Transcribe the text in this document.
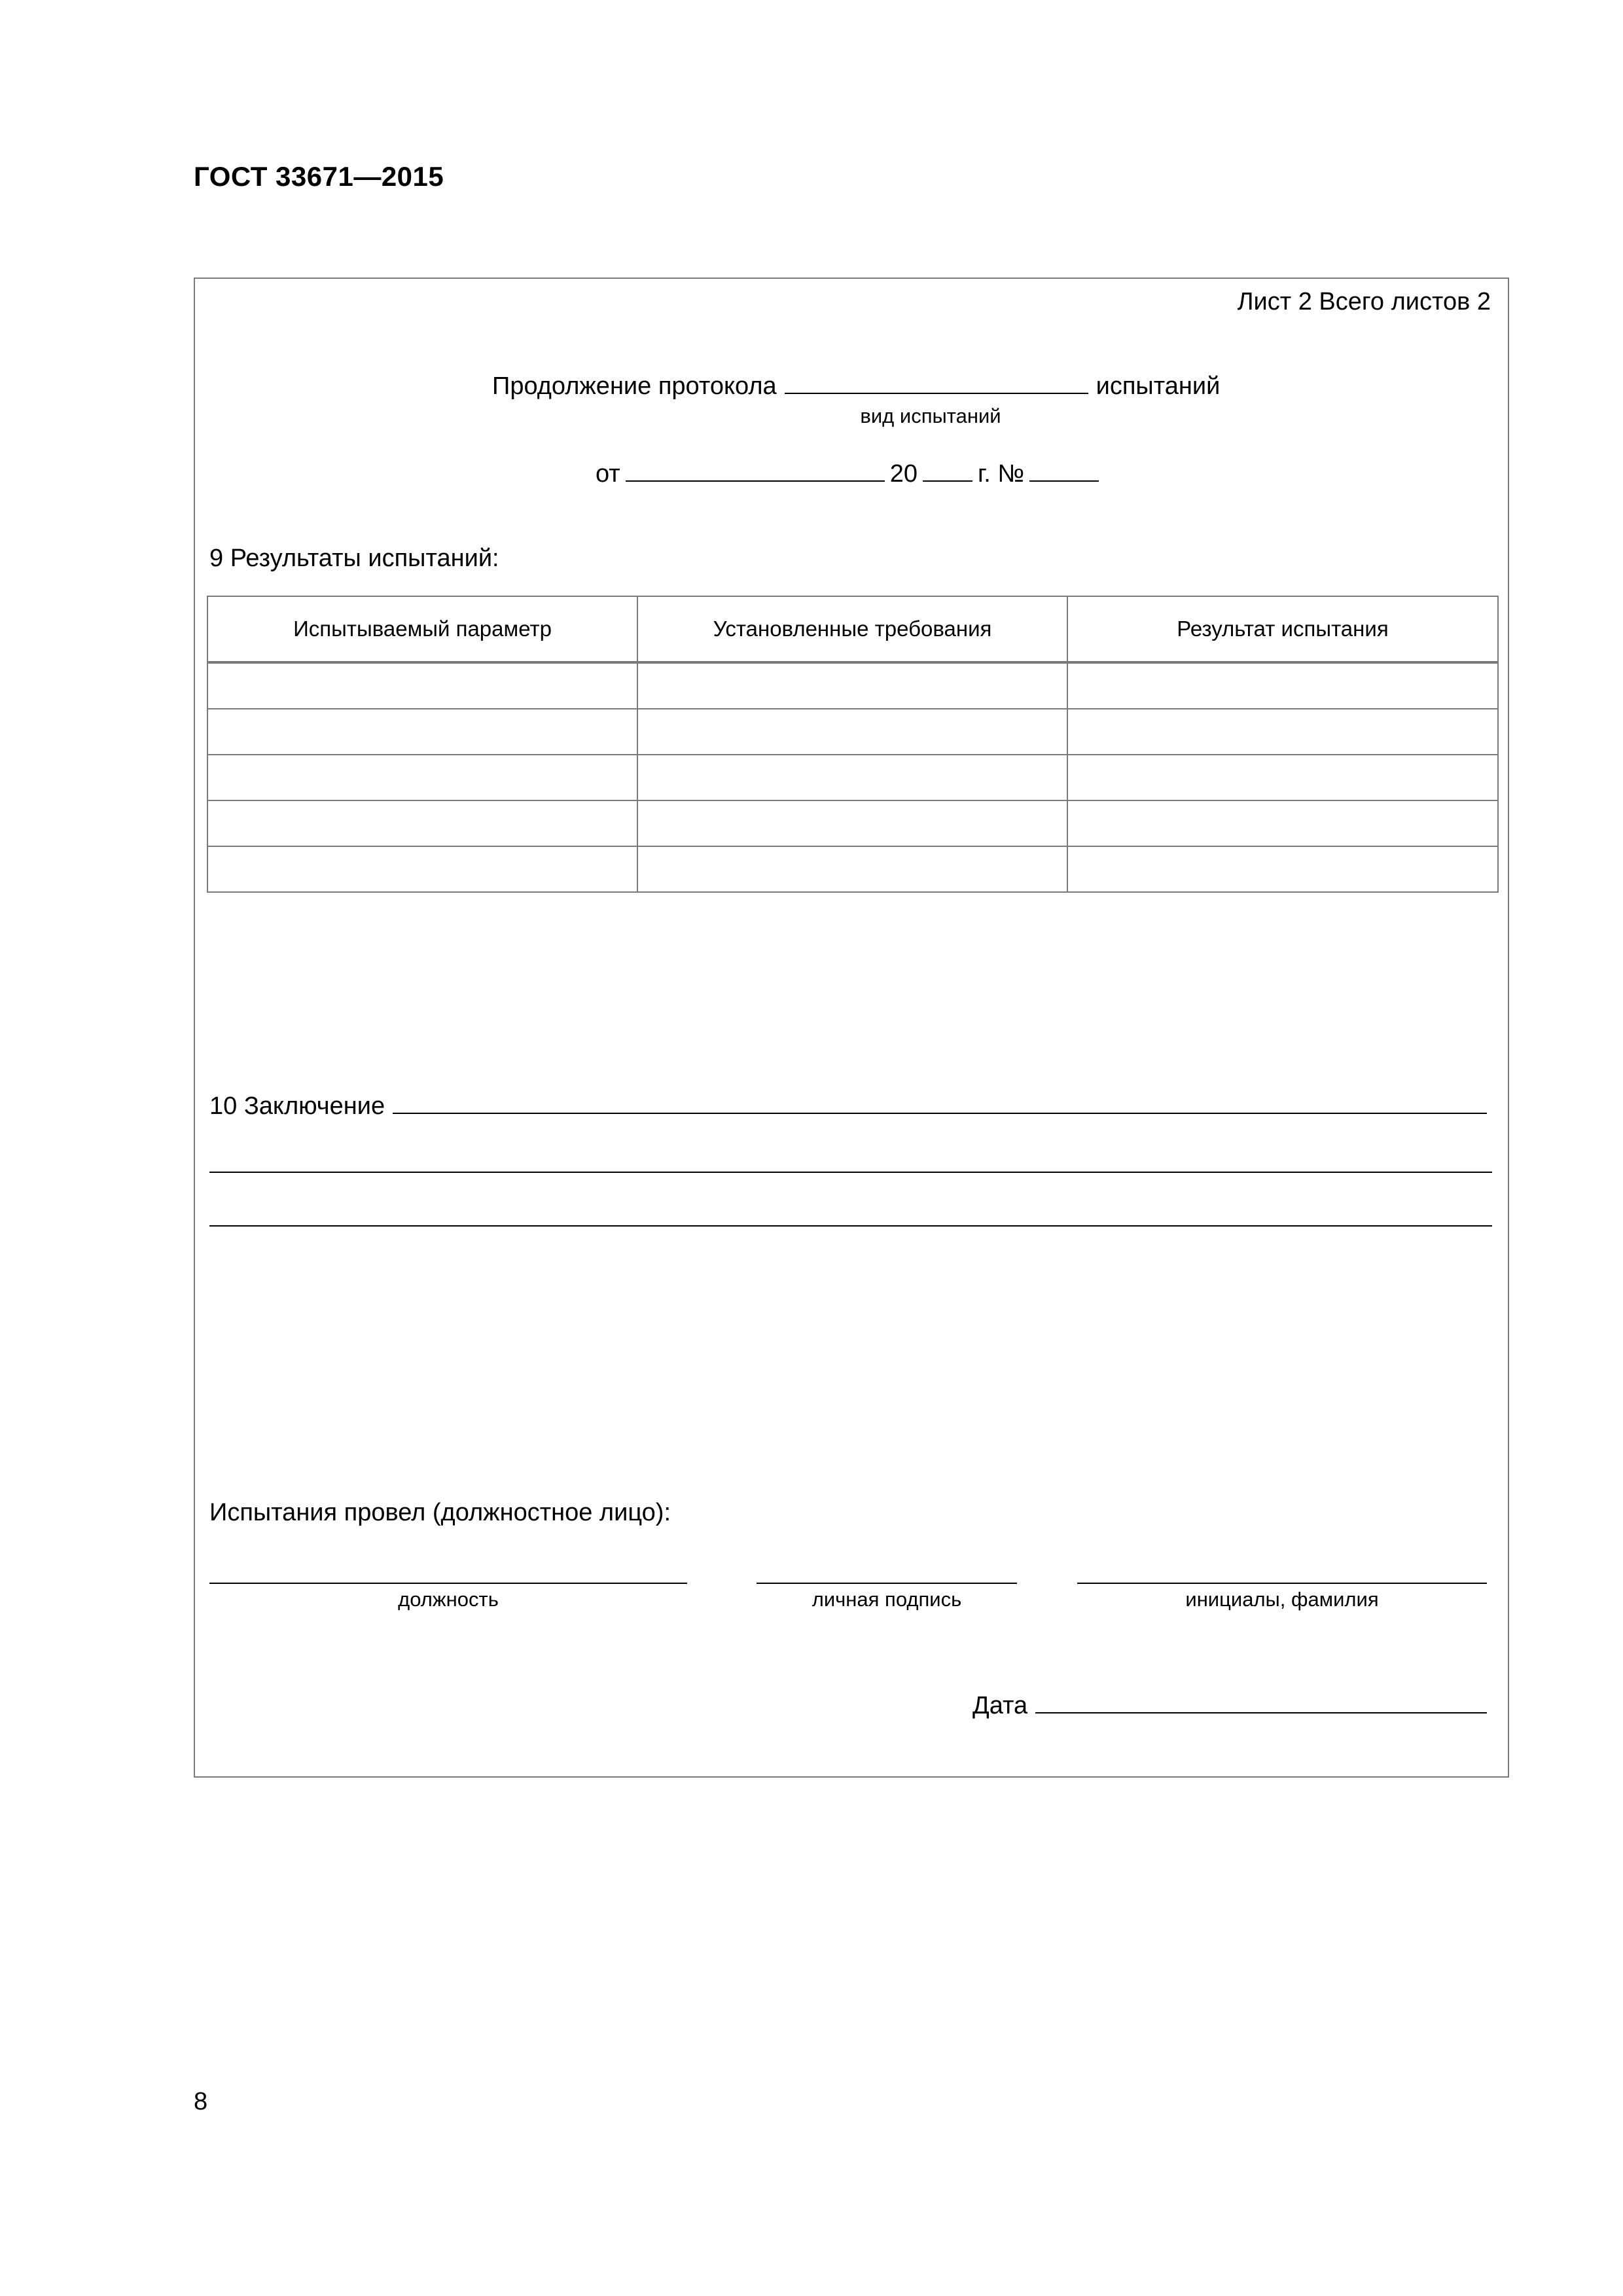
ГОСТ 33671—2015
Лист 2 Всего листов 2
Продолжение протокола	испытаний
вид испытаний
от	20 г. №
9 Результаты испытаний:
Испытываемый параметр	Установленные требования	Результат испытания

10 Заключение
Испытания провел (должностное лицо):
должность	личная подпись	инициалы, фамилия
Дата
8
